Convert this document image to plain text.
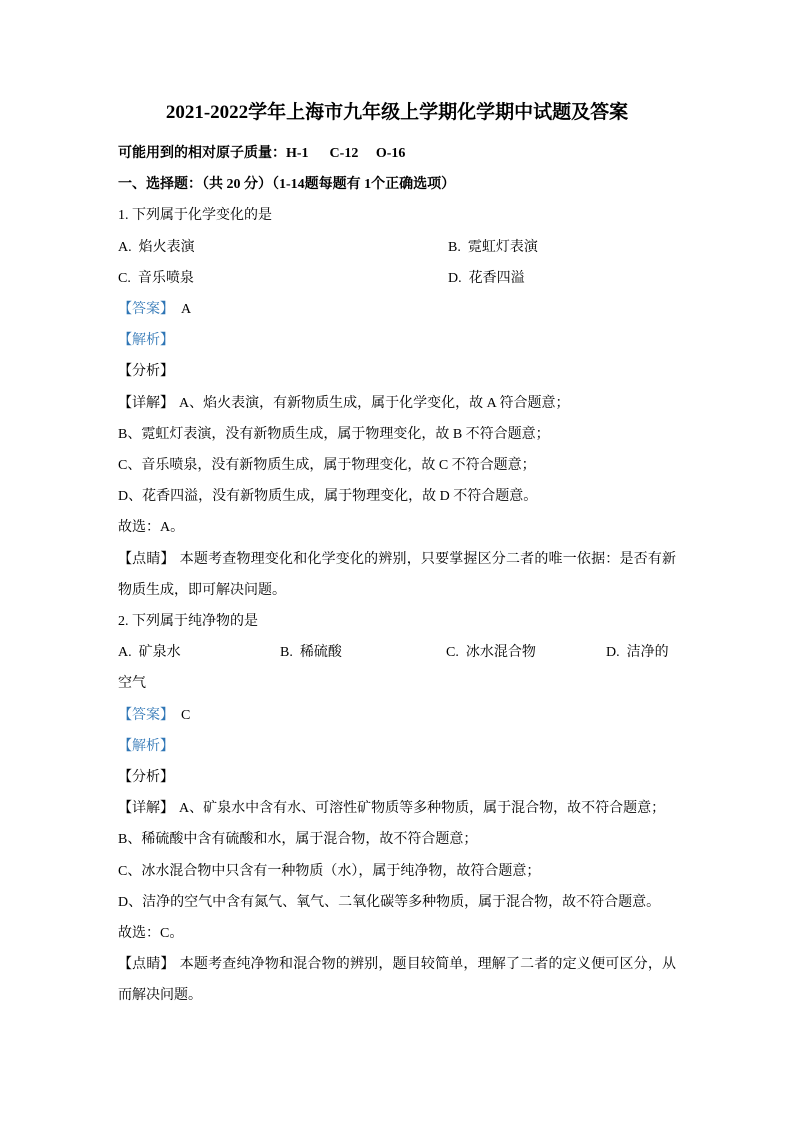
2021-2022学年上海市九年级上学期化学期中试题及答案

可能用到的相对原子质量：H-1      C-12     O-16

一、选择题：（共 20 分）（1-14题每题有 1个正确选项）

1. 下列属于化学变化的是

A. 焰火表演	B. 霓虹灯表演
C. 音乐喷泉	D. 花香四溢

【答案】 A

【解析】

【分析】

【详解】 A、焰火表演，有新物质生成，属于化学变化，故 A 符合题意；

B、霓虹灯表演，没有新物质生成，属于物理变化，故 B 不符合题意；

C、音乐喷泉，没有新物质生成，属于物理变化，故 C 不符合题意；

D、花香四溢，没有新物质生成，属于物理变化，故 D 不符合题意。

故选：A。

【点睛】 本题考查物理变化和化学变化的辨别，只要掌握区分二者的唯一依据：是否有新物质生成，即可解决问题。

2. 下列属于纯净物的是

A. 矿泉水	B. 稀硫酸	C. 冰水混合物	D. 洁净的

空气

【答案】 C

【解析】

【分析】

【详解】 A、矿泉水中含有水、可溶性矿物质等多种物质，属于混合物，故不符合题意；

B、稀硫酸中含有硫酸和水，属于混合物，故不符合题意；

C、冰水混合物中只含有一种物质（水），属于纯净物，故符合题意；

D、洁净的空气中含有氮气、氧气、二氧化碳等多种物质，属于混合物，故不符合题意。

故选：C。

【点睛】 本题考查纯净物和混合物的辨别，题目较简单，理解了二者的定义便可区分，从而解决问题。
